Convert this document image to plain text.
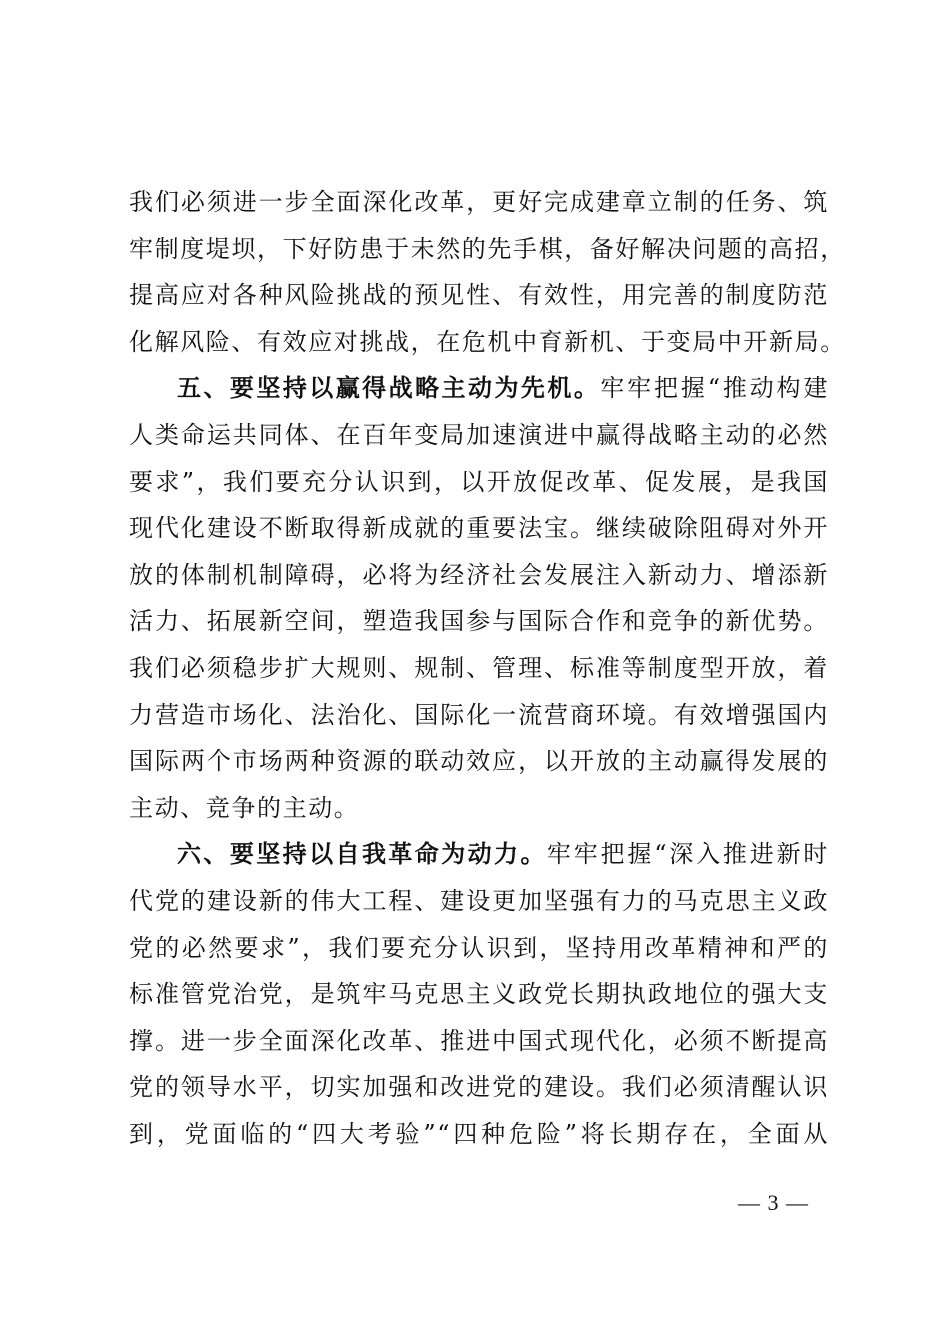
我们必须进一步全面深化改革，更好完成建章立制的任务、筑
牢制度堤坝，下好防患于未然的先手棋，备好解决问题的高招，
提高应对各种风险挑战的预见性、有效性，用完善的制度防范
化解风险、有效应对挑战，在危机中育新机、于变局中开新局。
五、要坚持以赢得战略主动为先机。牢牢把握“推动构建
人类命运共同体、在百年变局加速演进中赢得战略主动的必然
要求”，我们要充分认识到，以开放促改革、促发展，是我国
现代化建设不断取得新成就的重要法宝。继续破除阻碍对外开
放的体制机制障碍，必将为经济社会发展注入新动力、增添新
活力、拓展新空间，塑造我国参与国际合作和竞争的新优势。
我们必须稳步扩大规则、规制、管理、标准等制度型开放，着
力营造市场化、法治化、国际化一流营商环境。有效增强国内
国际两个市场两种资源的联动效应，以开放的主动赢得发展的
主动、竞争的主动。
六、要坚持以自我革命为动力。牢牢把握“深入推进新时
代党的建设新的伟大工程、建设更加坚强有力的马克思主义政
党的必然要求”，我们要充分认识到，坚持用改革精神和严的
标准管党治党，是筑牢马克思主义政党长期执政地位的强大支
撑。进一步全面深化改革、推进中国式现代化，必须不断提高
党的领导水平，切实加强和改进党的建设。我们必须清醒认识
到，党面临的“四大考验”“四种危险”将长期存在，全面从
— 3 —
